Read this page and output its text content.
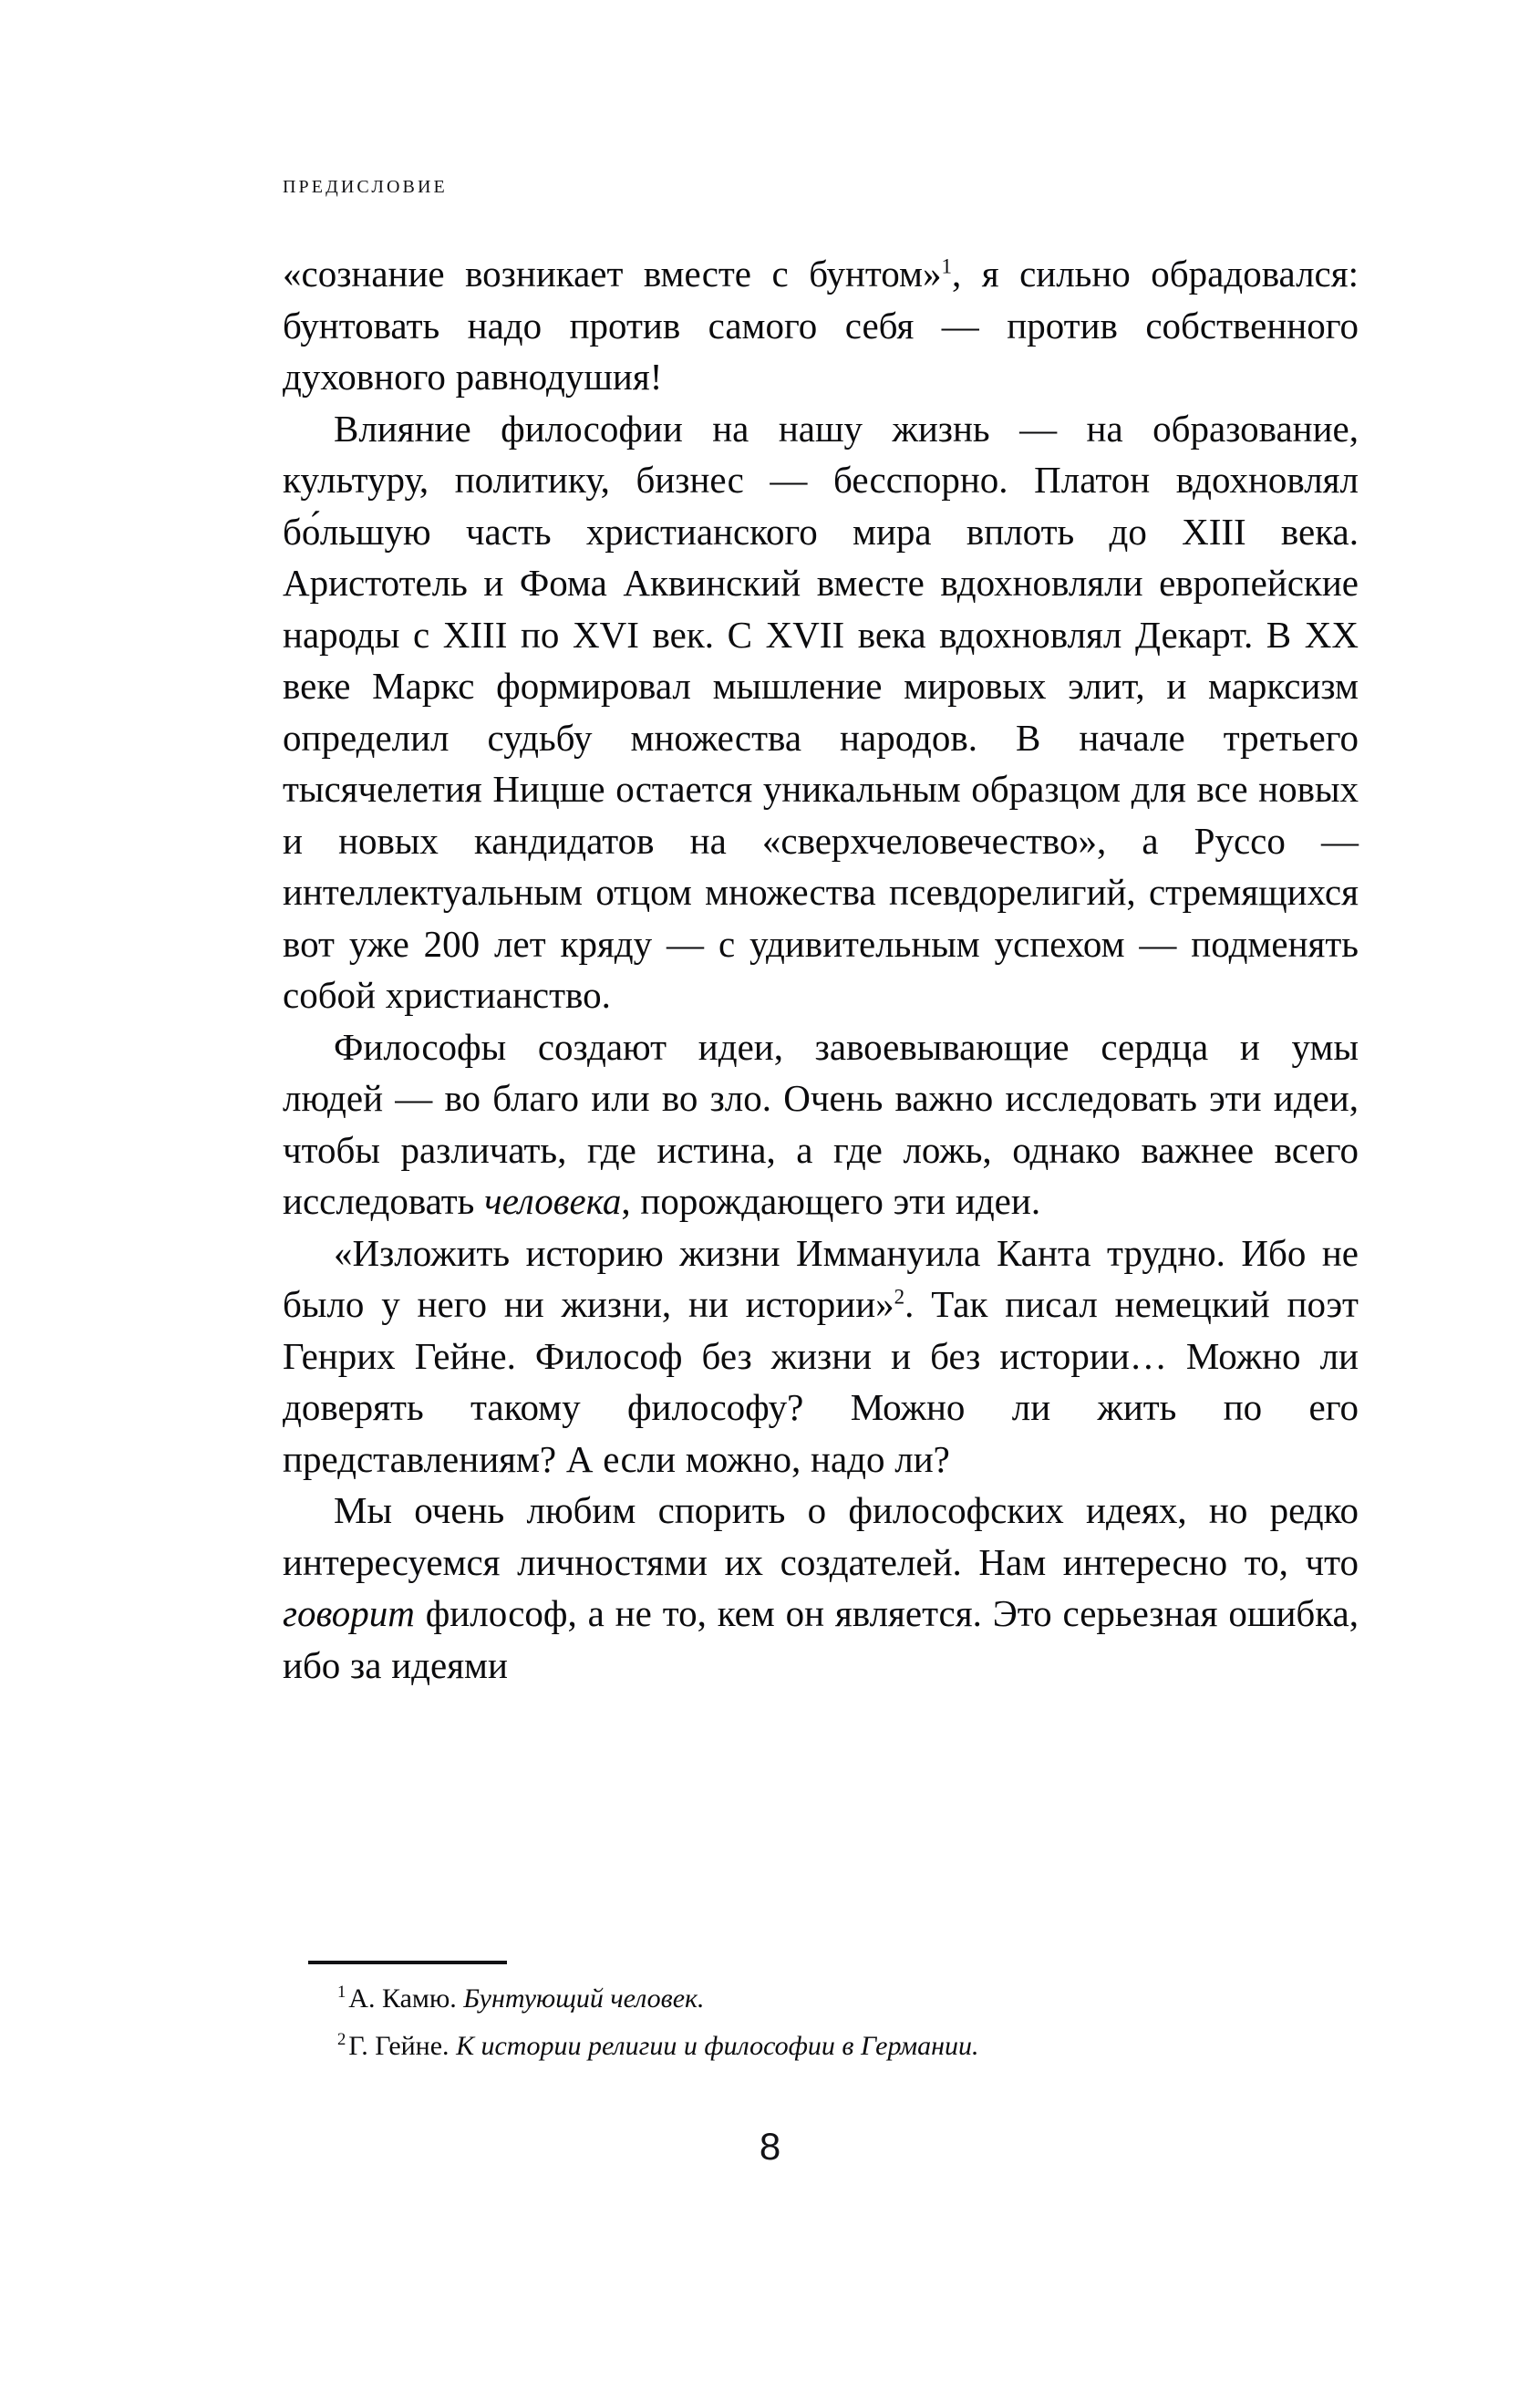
предисловие

«сознание возникает вместе с бунтом»$^1$, я сильно обрадовался: бунтовать надо против самого себя — против собственного духовного равнодушия!

Влияние философии на нашу жизнь — на образование, культуру, политику, бизнес — бесспорно. Платон вдохновлял бо́льшую часть христианского мира вплоть до XIII века. Аристотель и Фома Аквинский вместе вдохновляли европейские народы с XIII по XVI век. С XVII века вдохновлял Декарт. В XX веке Маркс формировал мышление мировых элит, и марксизм определил судьбу множества народов. В начале третьего тысячелетия Ницше остается уникальным образцом для все новых и новых кандидатов на «сверхчеловечество», а Руссо — интеллектуальным отцом множества псевдорелигий, стремящихся вот уже 200 лет кряду — с удивительным успехом — подменять собой христианство.

Философы создают идеи, завоевывающие сердца и умы людей — во благо или во зло. Очень важно исследовать эти идеи, чтобы различать, где истина, а где ложь, однако важнее всего исследовать человека, порождающего эти идеи.

«Изложить историю жизни Иммануила Канта трудно. Ибо не было у него ни жизни, ни истории»$^2$. Так писал немецкий поэт Генрих Гейне. Философ без жизни и без истории… Можно ли доверять такому философу? Можно ли жить по его представлениям? А если можно, надо ли?

Мы очень любим спорить о философских идеях, но редко интересуемся личностями их создателей. Нам интересно то, что говорит философ, а не то, кем он является. Это серьезная ошибка, ибо за идеями

$^1$ А. Камю. Бунтующий человек.

$^2$ Г. Гейне. К истории религии и философии в Германии.

8
